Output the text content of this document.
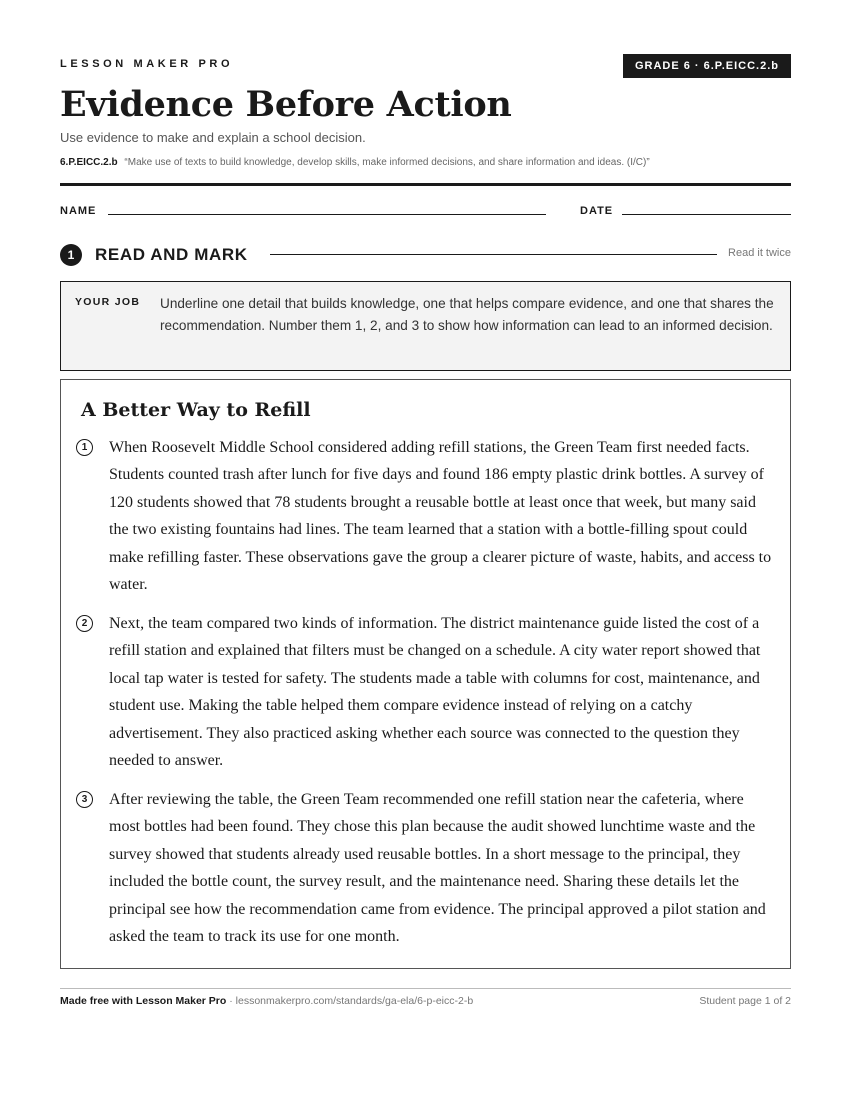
LESSON MAKER PRO	GRADE 6 · 6.P.EICC.2.b
Evidence Before Action
Use evidence to make and explain a school decision.
6.P.EICC.2.b “Make use of texts to build knowledge, develop skills, make informed decisions, and share information and ideas. (I/C)”
NAME	DATE
1	READ AND MARK	Read it twice
YOUR JOB Underline one detail that builds knowledge, one that helps compare evidence, and one that shares the recommendation. Number them 1, 2, and 3 to show how information can lead to an informed decision.
A Better Way to Refill
1	When Roosevelt Middle School considered adding refill stations, the Green Team first needed facts. Students counted trash after lunch for five days and found 186 empty plastic drink bottles. A survey of 120 students showed that 78 students brought a reusable bottle at least once that week, but many said the two existing fountains had lines. The team learned that a station with a bottle-filling spout could make refilling faster. These observations gave the group a clearer picture of waste, habits, and access to water.

2	Next, the team compared two kinds of information. The district maintenance guide listed the cost of a refill station and explained that filters must be changed on a schedule. A city water report showed that local tap water is tested for safety. The students made a table with columns for cost, maintenance, and student use. Making the table helped them compare evidence instead of relying on a catchy advertisement. They also practiced asking whether each source was connected to the question they needed to answer.

3	After reviewing the table, the Green Team recommended one refill station near the cafeteria, where most bottles had been found. They chose this plan because the audit showed lunchtime waste and the survey showed that students already used reusable bottles. In a short message to the principal, they included the bottle count, the survey result, and the maintenance need. Sharing these details let the principal see how the recommendation came from evidence. The principal approved a pilot station and asked the team to track its use for one month.

Made free with Lesson Maker Pro · lessonmakerpro.com/standards/ga-ela/6-p-eicc-2-b	Student page 1 of 2
